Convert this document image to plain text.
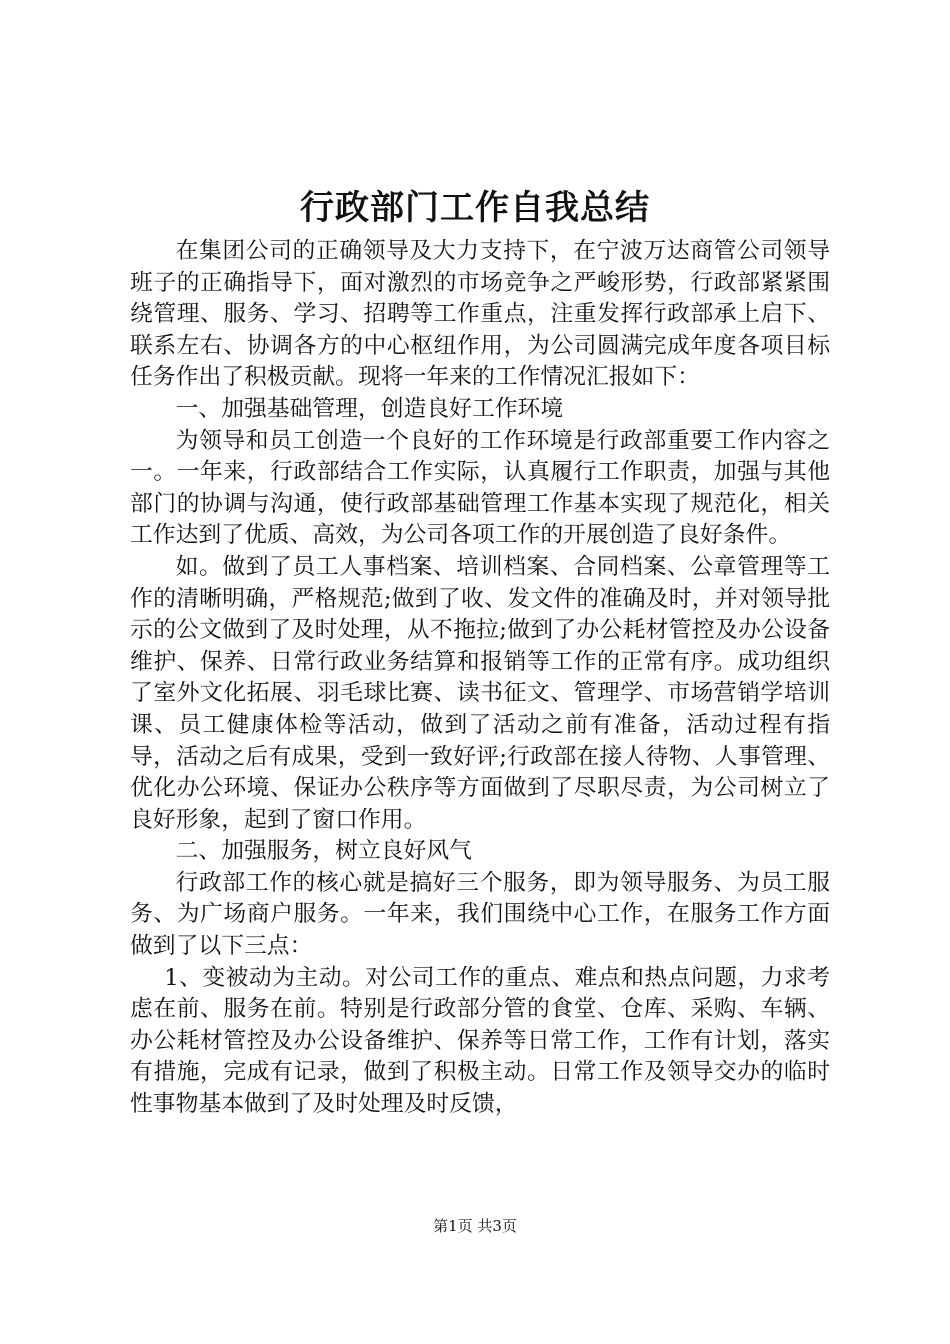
行政部门工作自我总结

在集团公司的正确领导及大力支持下，在宁波万达商管公司领导班子的正确指导下，面对激烈的市场竞争之严峻形势，行政部紧紧围绕管理、服务、学习、招聘等工作重点，注重发挥行政部承上启下、联系左右、协调各方的中心枢纽作用，为公司圆满完成年度各项目标任务作出了积极贡献。现将一年来的工作情况汇报如下：

一、加强基础管理，创造良好工作环境

为领导和员工创造一个良好的工作环境是行政部重要工作内容之一。一年来，行政部结合工作实际，认真履行工作职责，加强与其他部门的协调与沟通，使行政部基础管理工作基本实现了规范化，相关工作达到了优质、高效，为公司各项工作的开展创造了良好条件。

如。做到了员工人事档案、培训档案、合同档案、公章管理等工作的清晰明确，严格规范;做到了收、发文件的准确及时，并对领导批示的公文做到了及时处理，从不拖拉;做到了办公耗材管控及办公设备维护、保养、日常行政业务结算和报销等工作的正常有序。成功组织了室外文化拓展、羽毛球比赛、读书征文、管理学、市场营销学培训课、员工健康体检等活动，做到了活动之前有准备，活动过程有指导，活动之后有成果，受到一致好评;行政部在接人待物、人事管理、优化办公环境、保证办公秩序等方面做到了尽职尽责，为公司树立了良好形象，起到了窗口作用。

二、加强服务，树立良好风气

行政部工作的核心就是搞好三个服务，即为领导服务、为员工服务、为广场商户服务。一年来，我们围绕中心工作，在服务工作方面做到了以下三点：

1、变被动为主动。对公司工作的重点、难点和热点问题，力求考虑在前、服务在前。特别是行政部分管的食堂、仓库、采购、车辆、办公耗材管控及办公设备维护、保养等日常工作，工作有计划，落实有措施，完成有记录，做到了积极主动。日常工作及领导交办的临时性事物基本做到了及时处理及时反馈，

第1页 共3页
